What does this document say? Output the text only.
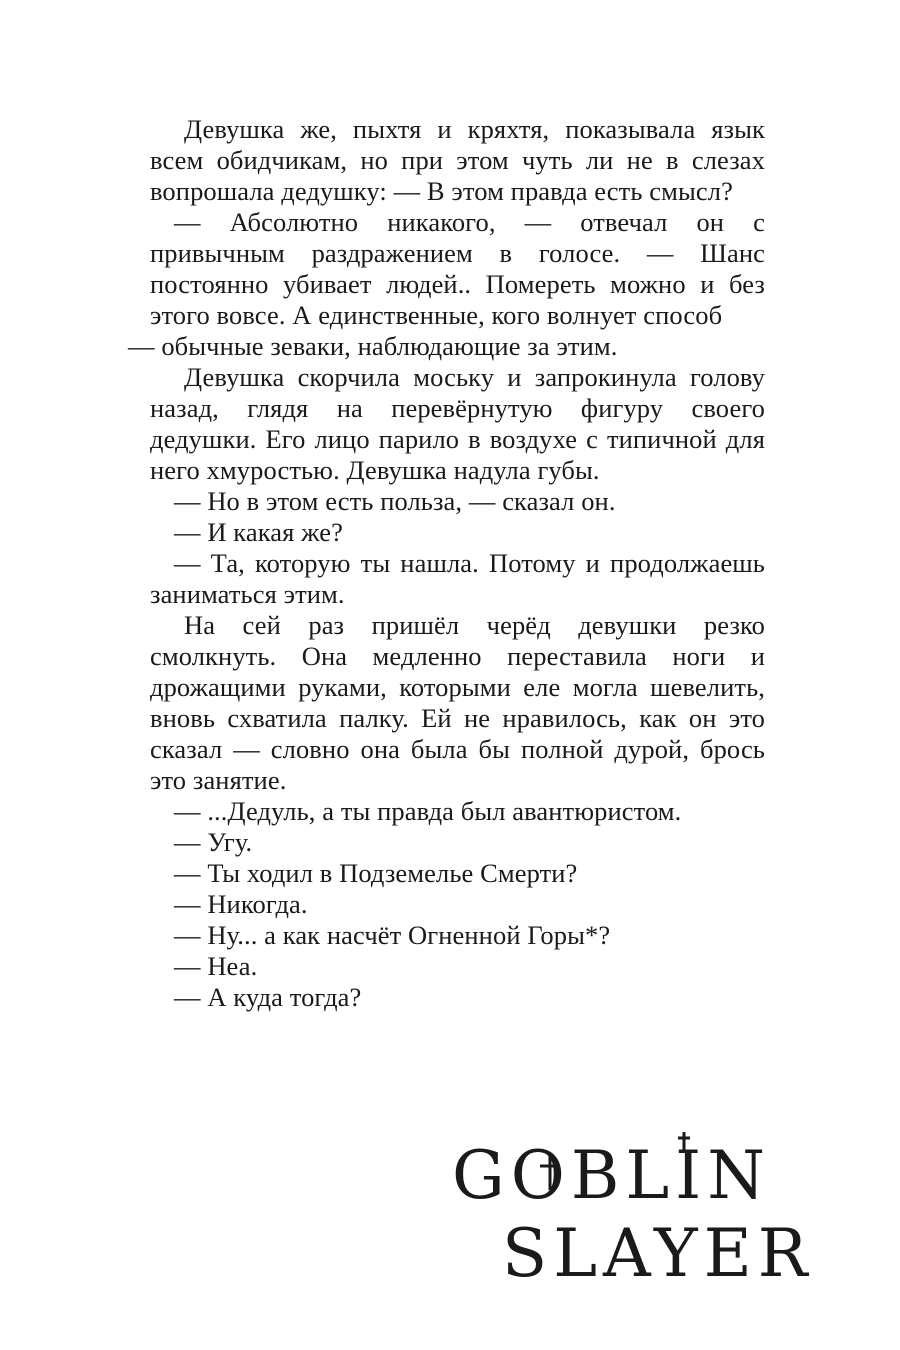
Девушка же, пыхтя и кряхтя, показывала язык всем обидчикам, но при этом чуть ли не в слезах вопрошала дедушку: — В этом правда есть смысл?

— Абсолютно никакого, — отвечал он с привычным раздражением в голосе. — Шанс постоянно убивает людей.. Помереть можно и без этого вовсе. А единственные, кого волнует способ

— обычные зеваки, наблюдающие за этим.

Девушка скорчила моську и запрокинула голову назад, глядя на перевёрнутую фигуру своего дедушки. Его лицо парило в воздухе с типичной для него хмуростью. Девушка надула губы.

— Но в этом есть польза, — сказал он.

— И какая же?

— Та, которую ты нашла. Потому и продолжаешь заниматься этим.

На сей раз пришёл черёд девушки резко смолкнуть. Она медленно переставила ноги и дрожащими руками, которыми еле могла шевелить, вновь схватила палку. Ей не нравилось, как он это сказал — словно она была бы полной дурой, брось это занятие.

— ...Дедуль, а ты правда был авантюристом.

— Угу.

— Ты ходил в Подземелье Смерти?

— Никогда.

— Ну... а как насчёт Огненной Горы*?

— Неа.

— А куда тогда?

GOBLIN
SLAYER
